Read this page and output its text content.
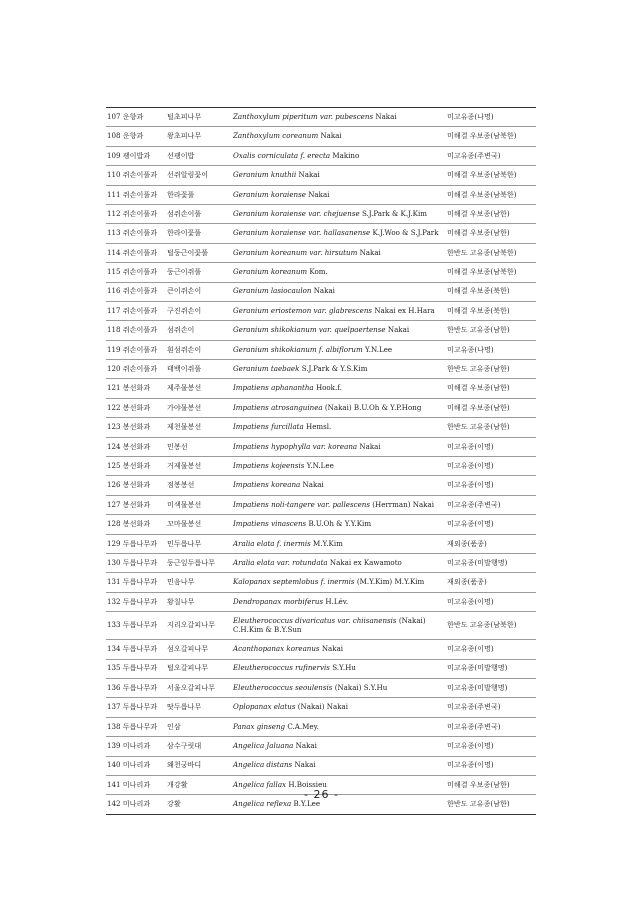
107 운향과	털초피나무	Zanthoxylum piperitum var. pubescens Nakai	미고유종(나명)
108 운향과	왕초피나무	Zanthoxylum coreanum Nakai	미해결 우보종(남북한)
109 괭이밥과	선괭이밥	Oxalis corniculata f. erecta Makino	미고유종(주변국)
110 쥐손이풀과	선쥐알림꽃이	Geranium knuthii Nakai	미해결 우보종(남북한)
111 쥐손이풀과	한라꽃풀	Geranium koraiense Nakai	미해결 우보종(남북한)
112 쥐손이풀과	섬쥐손이풀	Geranium koraiense var. chejuense S.J.Park & K.J.Kim	미해결 우보종(남한)
113 쥐손이풀과	한라이꽃풀	Geranium koraiense var. hallasanense K.J.Woo & S.J.Park	미해결 우보종(남한)
114 쥐손이풀과	털둥근이꽃풀	Geranium koreanum var. hirsutum Nakai	한반도 고유종(남북한)
115 쥐손이풀과	둥근이쥐풀	Geranium koreanum Kom.	미해결 우보종(남북한)
116 쥐손이풀과	큰이쥐손이	Geranium lasiocaulon Nakai	미해결 우보종(북한)
117 쥐손이풀과	구진쥐손이	Geranium eriostemon var. glabrescens Nakai ex H.Hara	미해결 우보종(북한)
118 쥐손이풀과	섬쥐손이	Geranium shikokianum var. quelpaertense Nakai	한반도 고유종(남한)
119 쥐손이풀과	흰섬쥐손이	Geranium shikokianum f. albiflorum Y.N.Lee	미고유종(나명)
120 쥐손이풀과	태백이쥐풀	Geranium taebaek S.J.Park & Y.S.Kim	한반도 고유종(남한)
121 봉선화과	제주물봉선	Impatiens aphanantha Hook.f.	미해결 우보종(남한)
122 봉선화과	가야물봉선	Impatiens atrosanguinea (Nakai) B.U.Oh & Y.P.Hong	미해결 우보종(남한)
123 봉선화과	제천물봉선	Impatiens furcillata Hemsl.	한반도 고유종(남한)
124 봉선화과	민봉선	Impatiens hypophylla var. koreana Nakai	미고유종(이명)
125 봉선화과	거제물봉선	Impatiens kojeensis Y.N.Lee	미고유종(이명)
126 봉선화과	점봉봉선	Impatiens koreana Nakai	미고유종(이명)
127 봉선화과	미색물봉선	Impatiens noli-tangere var. pallescens (Herrman) Nakai	미고유종(주변국)
128 봉선화과	꼬마물봉선	Impatiens vinascens B.U.Oh & Y.Y.Kim	미고유종(이명)
129 두릅나무과	민두릅나무	Aralia elata f. inermis M.Y.Kim	재외종(품종)
130 두릅나무과	둥근잎두릅나무	Aralia elata var. rotundata Nakai ex Kawamoto	미고유종(미발행명)
131 두릅나무과	민음나무	Kalopanax septemlobus f. inermis (M.Y.Kim) M.Y.Kim	재외종(품종)
132 두릅나무과	황칠나무	Dendropanax morbiferus H.Lév.	미고유종(이명)
133 두릅나무과	지리오갈피나무	Eleutherococcus divaricatus var. chiisanensis (Nakai) C.H.Kim & B.Y.Sun	한반도 고유종(남북한)
134 두릅나무과	섬오갈피나무	Acanthopanax koreanus Nakai	미고유종(이명)
135 두릅나무과	털오갈피나무	Eleutherococcus rufinervis S.Y.Hu	미고유종(미발행명)
136 두릅나무과	서울오갈피나무	Eleutherococcus seoulensis (Nakai) S.Y.Hu	미고유종(미발행명)
137 두릅나무과	땃두릅나무	Oplopanax elatus (Nakai) Nakai	미고유종(주변국)
138 두릅나무과	인삼	Panax ginseng C.A.Mey.	미고유종(주변국)
139 미나리과	삼수구릿대	Angelica Jaluana Nakai	미고유종(이명)
140 미나리과	왜천궁바디	Angelica distans Nakai	미고유종(이명)
141 미나리과	개강활	Angelica fallax H.Boissieu	미해결 우보종(남한)
142 미나리과	강활	Angelica reflexa B.Y.Lee	한반도 고유종(남한)
- 26 -
